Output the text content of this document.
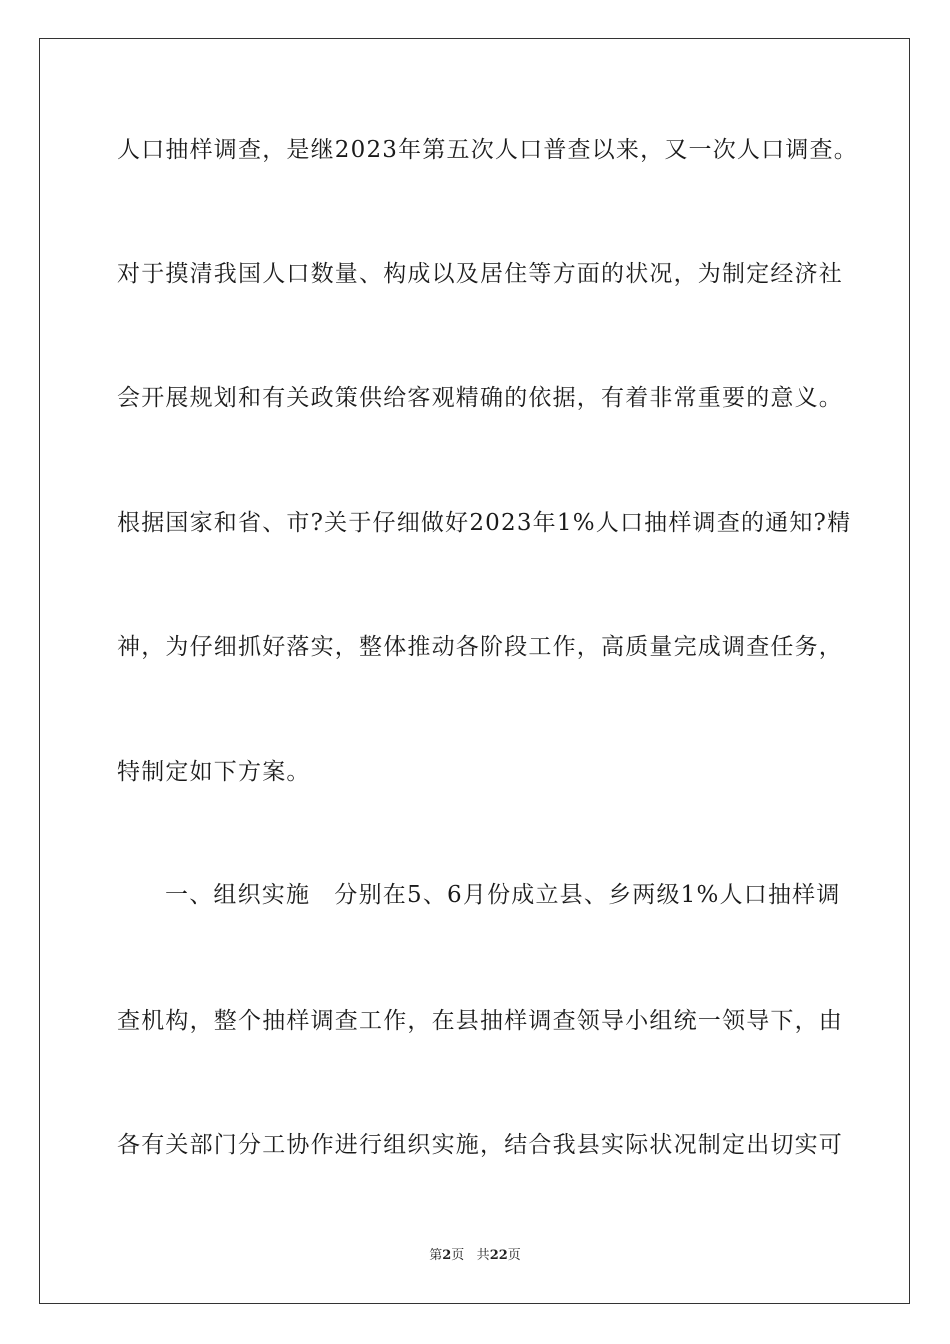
人口抽样调查，是继2023年第五次人口普查以来，又一次人口调查。
对于摸清我国人口数量、构成以及居住等方面的状况，为制定经济社
会开展规划和有关政策供给客观精确的依据，有着非常重要的意义。
根据国家和省、市?关于仔细做好2023年1%人口抽样调查的通知?精
神，为仔细抓好落实，整体推动各阶段工作，高质量完成调查任务，
特制定如下方案。
一、组织实施　分别在5、6月份成立县、乡两级1%人口抽样调
查机构，整个抽样调查工作，在县抽样调查领导小组统一领导下，由
各有关部门分工协作进行组织实施，结合我县实际状况制定出切实可
第2页 共22页
